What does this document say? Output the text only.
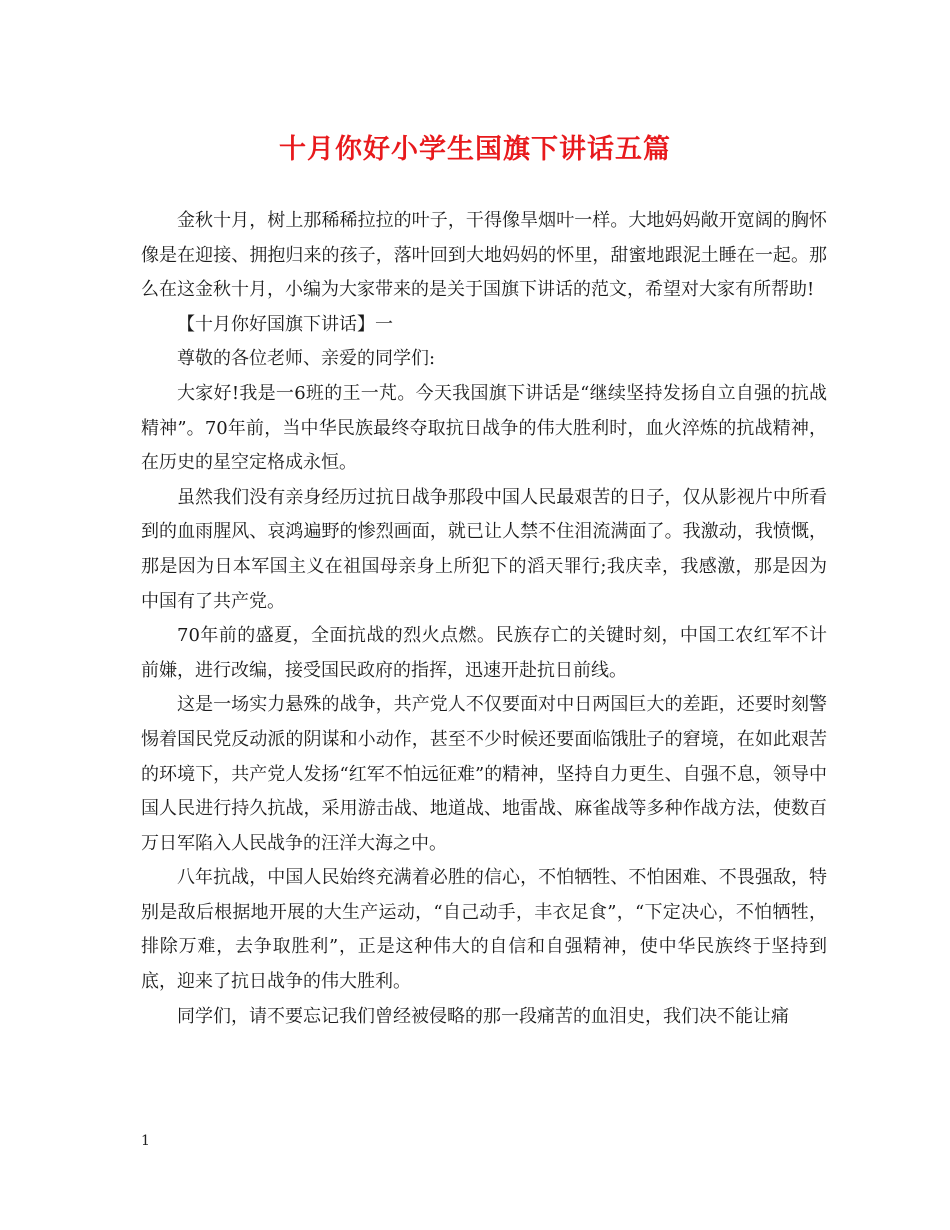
十月你好小学生国旗下讲话五篇

金秋十月，树上那稀稀拉拉的叶子，干得像旱烟叶一样。大地妈妈敞开宽阔的胸怀像是在迎接、拥抱归来的孩子，落叶回到大地妈妈的怀里，甜蜜地跟泥土睡在一起。那么在这金秋十月，小编为大家带来的是关于国旗下讲话的范文，希望对大家有所帮助!

【十月你好国旗下讲话】一

尊敬的各位老师、亲爱的同学们:

大家好!我是一6班的王一芃。今天我国旗下讲话是“继续坚持发扬自立自强的抗战精神”。70年前，当中华民族最终夺取抗日战争的伟大胜利时，血火淬炼的抗战精神，在历史的星空定格成永恒。

虽然我们没有亲身经历过抗日战争那段中国人民最艰苦的日子，仅从影视片中所看到的血雨腥风、哀鸿遍野的惨烈画面，就已让人禁不住泪流满面了。我激动，我愤慨，那是因为日本军国主义在祖国母亲身上所犯下的滔天罪行;我庆幸，我感激，那是因为中国有了共产党。

70年前的盛夏，全面抗战的烈火点燃。民族存亡的关键时刻，中国工农红军不计前嫌，进行改编，接受国民政府的指挥，迅速开赴抗日前线。

这是一场实力悬殊的战争，共产党人不仅要面对中日两国巨大的差距，还要时刻警惕着国民党反动派的阴谋和小动作，甚至不少时候还要面临饿肚子的窘境，在如此艰苦的环境下，共产党人发扬“红军不怕远征难”的精神，坚持自力更生、自强不息，领导中国人民进行持久抗战，采用游击战、地道战、地雷战、麻雀战等多种作战方法，使数百万日军陷入人民战争的汪洋大海之中。

八年抗战，中国人民始终充满着必胜的信心，不怕牺牲、不怕困难、不畏强敌，特别是敌后根据地开展的大生产运动，“自己动手，丰衣足食”，“下定决心，不怕牺牲，排除万难，去争取胜利”，正是这种伟大的自信和自强精神，使中华民族终于坚持到底，迎来了抗日战争的伟大胜利。

同学们，请不要忘记我们曾经被侵略的那一段痛苦的血泪史，我们决不能让痛

1
